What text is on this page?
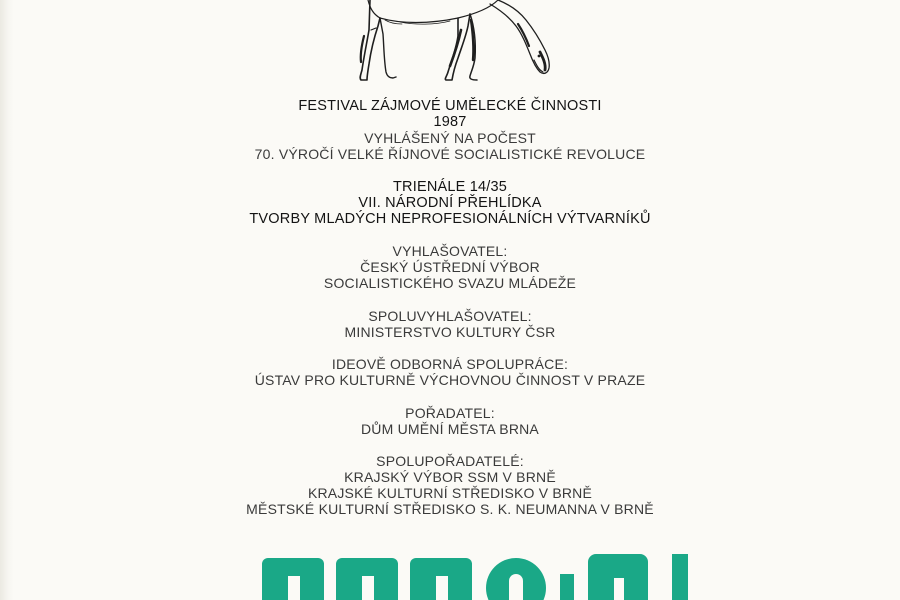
FESTIVAL ZÁJMOVÉ UMĚLECKÉ ČINNOSTI
1987
VYHLÁŠENÝ NA POČEST
70. VÝROČÍ VELKÉ ŘÍJNOVÉ SOCIALISTICKÉ REVOLUCE
TRIENÁLE 14/35
VII. NÁRODNÍ PŘEHLÍDKA
TVORBY MLADÝCH NEPROFESIONÁLNÍCH VÝTVARNÍKŮ
VYHLAŠOVATEL:
ČESKÝ ÚSTŘEDNÍ VÝBOR
SOCIALISTICKÉHO SVAZU MLÁDEŽE
SPOLUVYHLAŠOVATEL:
MINISTERSTVO KULTURY ČSR
IDEOVĚ ODBORNÁ SPOLUPRÁCE:
ÚSTAV PRO KULTURNĚ VÝCHOVNOU ČINNOST V PRAZE
POŘADATEL:
DŮM UMĚNÍ MĚSTA BRNA
SPOLUPOŘADATELÉ:
KRAJSKÝ VÝBOR SSM V BRNĚ
KRAJSKÉ KULTURNÍ STŘEDISKO V BRNĚ
MĚSTSKÉ KULTURNÍ STŘEDISKO S. K. NEUMANNA V BRNĚ
